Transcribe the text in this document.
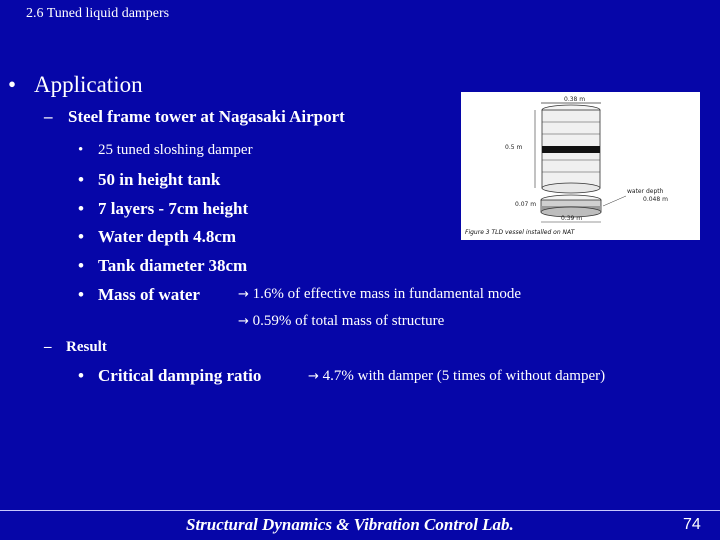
2.6 Tuned liquid dampers
• Application
– Steel frame tower at Nagasaki Airport
• 25 tuned sloshing damper
• 50 in height tank
• 7 layers - 7cm height
• Water depth 4.8cm
• Tank diameter 38cm
• Mass of water	→ 1.6% of effective mass in fundamental mode
→ 0.59% of total mass of structure
– Result
• Critical damping ratio	→ 4.7% with damper (5 times of without damper)
0.38 m
0.5 m
0.07 m
water depth
0.048 m
0.39 m
Figure 3 TLD vessel installed on NAT
Structural Dynamics & Vibration Control Lab.	74
